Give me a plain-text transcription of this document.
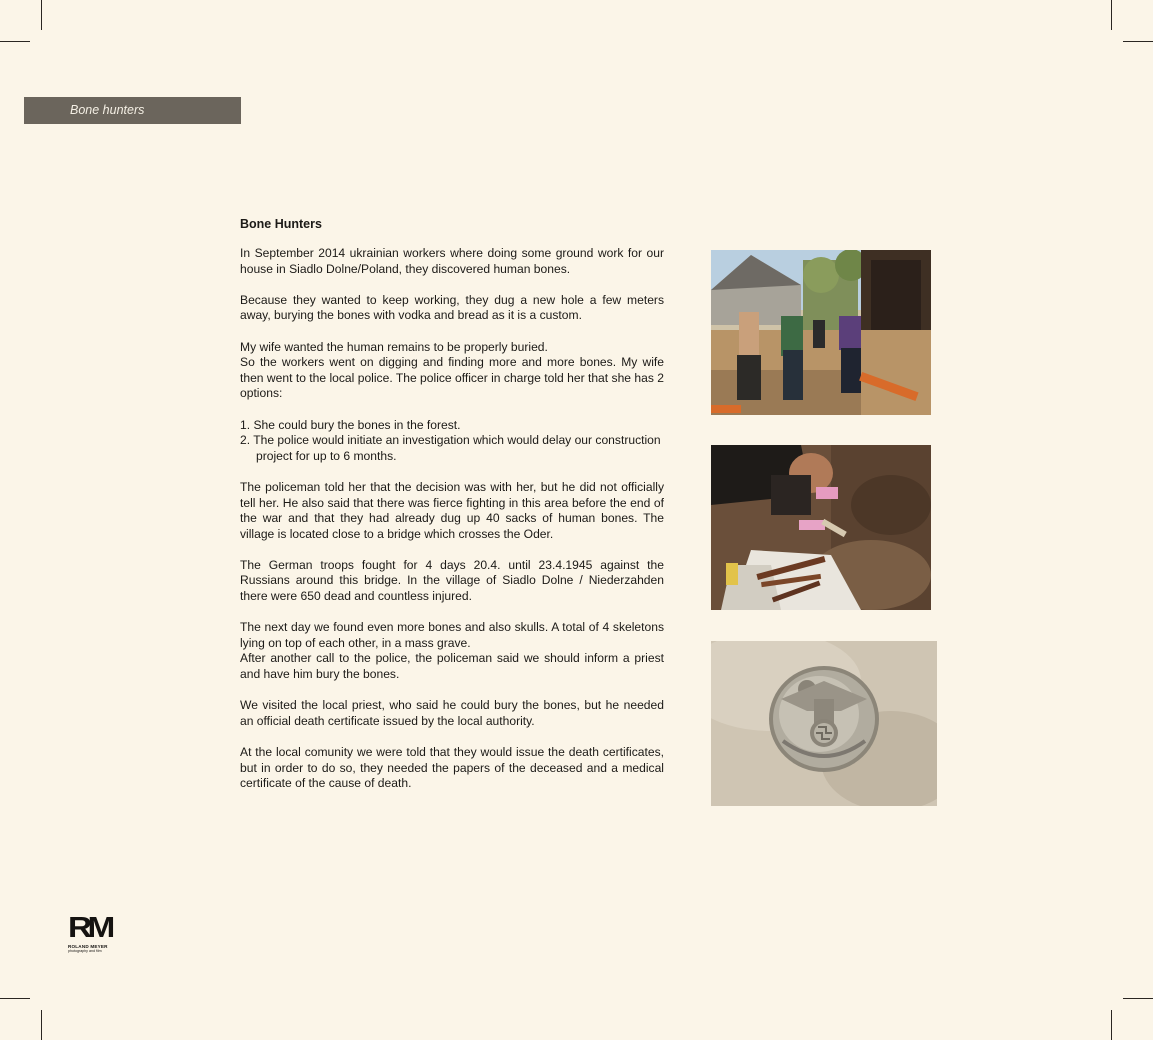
Bone hunters
Bone Hunters

In September 2014 ukrainian workers where doing some ground work for our house in Siadlo Dolne/Poland, they discovered human bones.

Because they wanted to keep working, they dug a new hole a few meters away, burying the bones with vodka and bread as it is a custom.

My wife wanted the human remains to be properly buried.
So the workers went on digging and finding more and more bones. My wife then went to the local police. The police officer in charge told her that she has 2 options:

1. She could bury the bones in the forest.
2. The police would initiate an investigation which would delay our construction project for up to 6 months.

The policeman told her that the decision was with her, but he did not officially tell her. He also said that there was fierce fighting in this area before the end of the war and that they had already dug up 40 sacks of human bones. The village is located close to a bridge which crosses the Oder.

The German troops fought for 4 days 20.4. until 23.4.1945 against the Russians around this bridge. In the village of Siadlo Dolne / Niederzahden there were 650 dead and countless injured.

The next day we found even more bones and also skulls. A total of 4 skeletons lying on top of each other, in a mass grave.
After another call to the police, the policeman said we should inform a priest and have him bury the bones.

We visited the local priest, who said he could bury the bones, but he needed an official death certificate issued by the local authority.

At the local comunity we were told that they would issue the death certificates, but in order to do so, they needed the papers of the deceased and a medical certificate of the cause of death.

RM
ROLAND MEYER
photography and film
